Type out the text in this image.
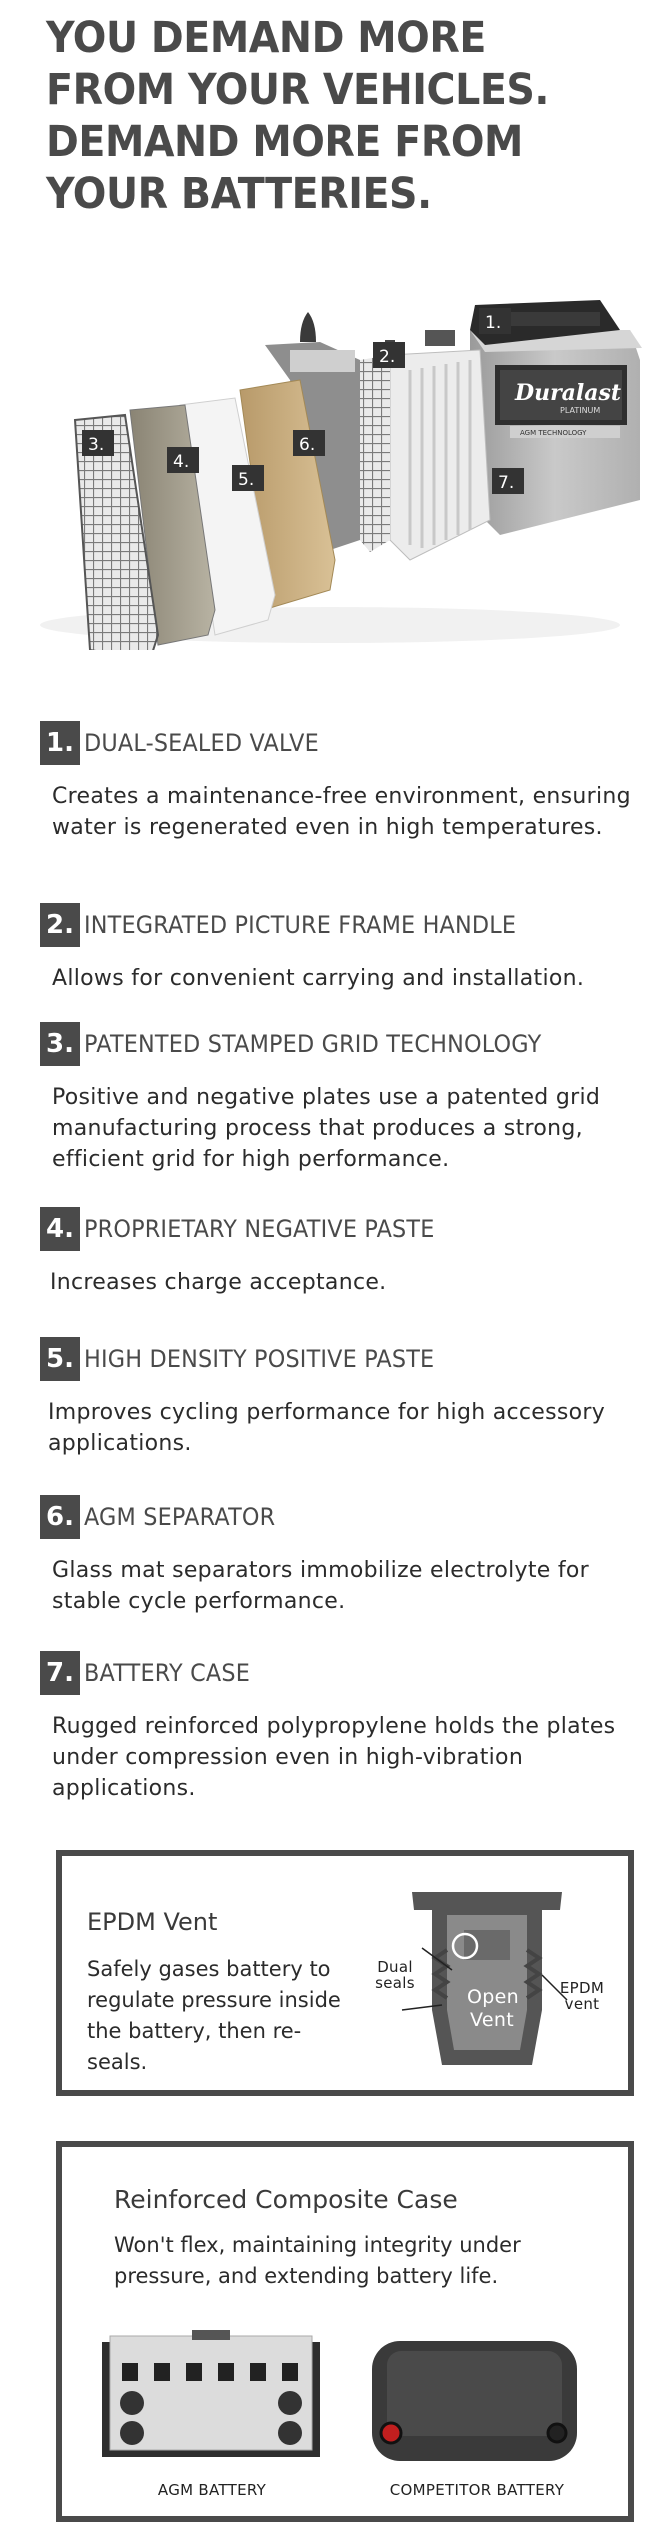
YOU DEMAND MORE FROM YOUR VEHICLES. DEMAND MORE FROM YOUR BATTERIES.
Duralast
PLATINUM
AGM TECHNOLOGY
1.
2.
3.
4.
5.
6.
7.
1. DUAL-SEALED VALVE

Creates a maintenance-free environment, ensuring water is regenerated even in high temperatures.

2. INTEGRATED PICTURE FRAME HANDLE

Allows for convenient carrying and installation.

3. PATENTED STAMPED GRID TECHNOLOGY

Positive and negative plates use a patented grid manufacturing process that produces a strong, efficient grid for high performance.

4. PROPRIETARY NEGATIVE PASTE

Increases charge acceptance.

5. HIGH DENSITY POSITIVE PASTE

Improves cycling performance for high accessory applications.

6. AGM SEPARATOR

Glass mat separators immobilize electrolyte for stable cycle performance.

7. BATTERY CASE

Rugged reinforced polypropylene holds the plates under compression even in high-vibration applications.

EPDM Vent

Safely gases battery to regulate pressure inside the battery, then re-seals.

Dual seals	EPDM vent
Open Vent
Reinforced Composite Case

Won't flex, maintaining integrity under pressure, and extending battery life.

AGM BATTERY	COMPETITOR BATTERY
